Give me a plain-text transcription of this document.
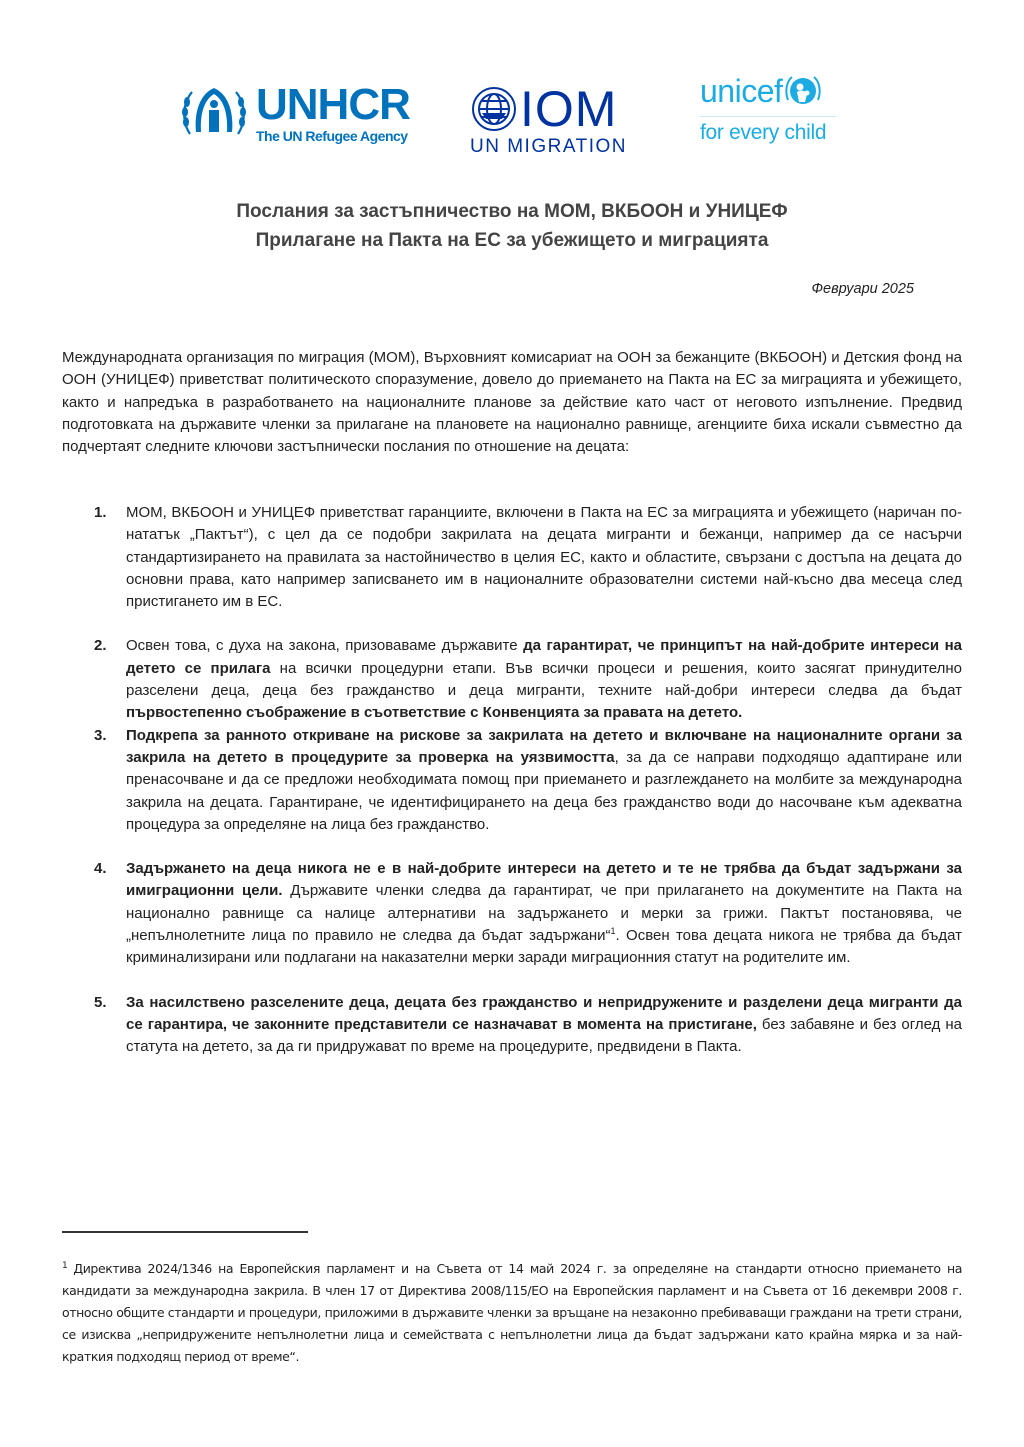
UNHCR
The UN Refugee Agency IOM
UN MIGRATION
unicef
for every child
Послания за застъпничество на МОМ, ВКБООН и УНИЦЕФ
Прилагане на Пакта на ЕС за убежището и миграцията
Февруари 2025

Международната организация по миграция (МОМ), Върховният комисариат на ООН за бежанците (ВКБООН) и Детския фонд на ООН (УНИЦЕФ) приветстват политическото споразумение, довело до приемането на Пакта на ЕС за миграцията и убежището, както и напредъка в разработването на националните планове за действие като част от неговото изпълнение. Предвид подготовката на държавите членки за прилагане на плановете на национално равнище, агенциите биха искали съвместно да подчертаят следните ключови застъпнически послания по отношение на децата:

1. МОМ, ВКБООН и УНИЦЕФ приветстват гаранциите, включени в Пакта на ЕС за миграцията и убежището (наричан по-нататък „Пактът“), с цел да се подобри закрилата на децата мигранти и бежанци, например да се насърчи стандартизирането на правилата за настойничество в целия ЕС, както и областите, свързани с достъпа на децата до основни права, като например записването им в националните образователни системи най-късно два месеца след пристигането им в ЕС.
2. Освен това, с духа на закона, призоваваме държавите да гарантират, че принципът на най-добрите интереси на детето се прилага на всички процедурни етапи. Във всички процеси и решения, които засягат принудително разселени деца, деца без гражданство и деца мигранти, техните най-добри интереси следва да бъдат първостепенно съображение в съответствие с Конвенцията за правата на детето.
3. Подкрепа за ранното откриване на рискове за закрилата на детето и включване на националните органи за закрила на детето в процедурите за проверка на уязвимостта, за да се направи подходящо адаптиране или пренасочване и да се предложи необходимата помощ при приемането и разглеждането на молбите за международна закрила на децата. Гарантиране, че идентифицирането на деца без гражданство води до насочване към адекватна процедура за определяне на лица без гражданство.
4. Задържането на деца никога не е в най-добрите интереси на детето и те не трябва да бъдат задържани за имиграционни цели. Държавите членки следва да гарантират, че при прилагането на документите на Пакта на национално равнище са налице алтернативи на задържането и мерки за грижи. Пактът постановява, че „непълнолетните лица по правило не следва да бъдат задържани“$^1$. Освен това децата никога не трябва да бъдат криминализирани или подлагани на наказателни мерки заради миграционния статут на родителите им.
5. За насилствено разселените деца, децата без гражданство и непридружените и разделени деца мигранти да се гарантира, че законните представители се назначават в момента на пристигане, без забавяне и без оглед на статута на детето, за да ги придружават по време на процедурите, предвидени в Пакта.
$^1$ Директива 2024/1346 на Европейския парламент и на Съвета от 14 май 2024 г. за определяне на стандарти относно приемането на кандидати за международна закрила. В член 17 от Директива 2008/115/ЕО на Европейския парламент и на Съвета от 16 декември 2008 г. относно общите стандарти и процедури, приложими в държавите членки за връщане на незаконно пребиваващи граждани на трети страни, се изисква „непридружените непълнолетни лица и семействата с непълнолетни лица да бъдат задържани като крайна мярка и за най-краткия подходящ период от време“.
